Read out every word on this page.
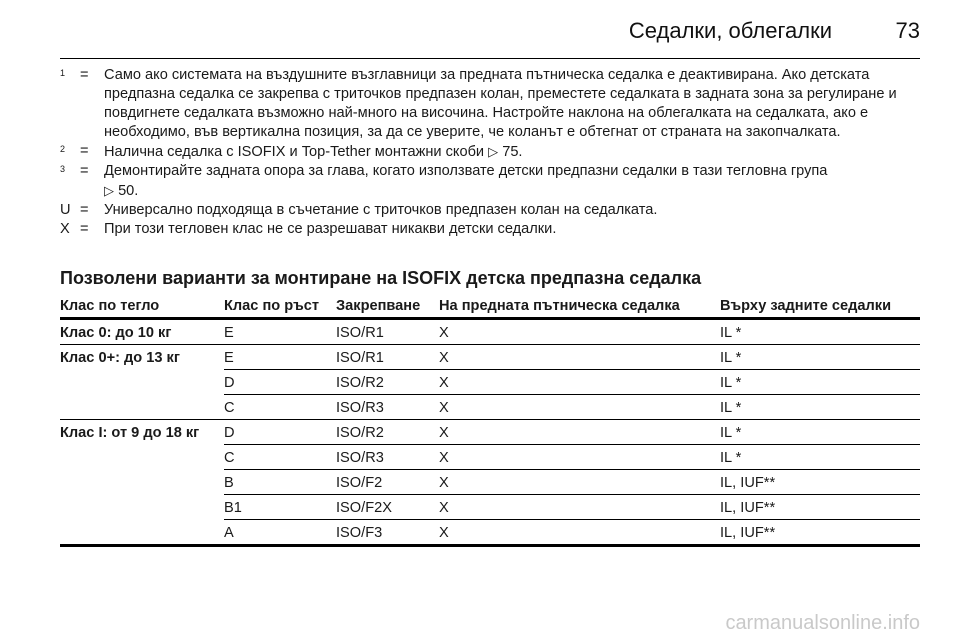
Седалки, облегалки	73
1 =	Само ако системата на въздушните възглавници за предната пътническа седалка е деактивирана. Ако детската предпазна седалка се закрепва с триточков предпазен колан, преместете седалката в задната зона за регулиране и повдигнете седалката възможно най-много на височина. Настройте наклона на облегалката на седалката, ако е необходимо, във вертикална позиция, за да се уверите, че коланът е обтегнат от страната на закопчалката.
2 =	Налична седалка с ISOFIX и Top-Tether монтажни скоби ▷ 75.
3 =	Демонтирайте задната опора за глава, когато използвате детски предпазни седалки в тази тегловна група
▷ 50.
U =	Универсално подходяща в съчетание с триточков предпазен колан на седалката.
X =	При този тегловен клас не се разрешават никакви детски седалки.
Позволени варианти за монтиране на ISOFIX детска предпазна седалка
Клас по тегло	Клас по ръст	Закрепване	На предната пътническа седалка	Върху задните седалки
Клас 0: до 10 кг	E	ISO/R1	X	IL *
Клас 0+: до 13 кг	E	ISO/R1	X	IL *
	D	ISO/R2	X	IL *
	C	ISO/R3	X	IL *
Клас I: от 9 до 18 кг	D	ISO/R2	X	IL *
	C	ISO/R3	X	IL *
	B	ISO/F2	X	IL, IUF**
	B1	ISO/F2X	X	IL, IUF**
	A	ISO/F3	X	IL, IUF**
carmanualsonline.info
